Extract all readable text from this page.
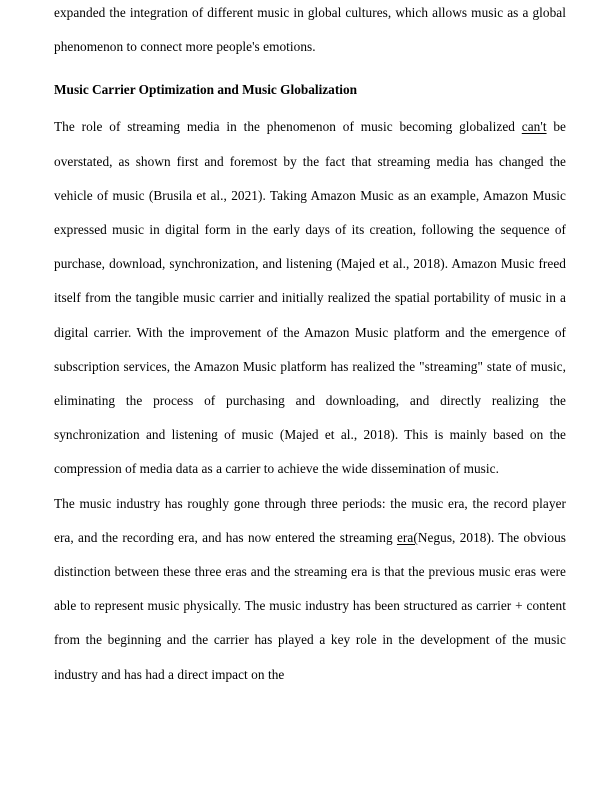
expanded the integration of different music in global cultures, which allows music as a global phenomenon to connect more people's emotions.

Music Carrier Optimization and Music Globalization

The role of streaming media in the phenomenon of music becoming globalized can't be overstated, as shown first and foremost by the fact that streaming media has changed the vehicle of music (Brusila et al., 2021). Taking Amazon Music as an example, Amazon Music expressed music in digital form in the early days of its creation, following the sequence of purchase, download, synchronization, and listening (Majed et al., 2018). Amazon Music freed itself from the tangible music carrier and initially realized the spatial portability of music in a digital carrier. With the improvement of the Amazon Music platform and the emergence of subscription services, the Amazon Music platform has realized the "streaming" state of music, eliminating the process of purchasing and downloading, and directly realizing the synchronization and listening of music (Majed et al., 2018). This is mainly based on the compression of media data as a carrier to achieve the wide dissemination of music.

The music industry has roughly gone through three periods: the music era, the record player era, and the recording era, and has now entered the streaming era(Negus, 2018). The obvious distinction between these three eras and the streaming era is that the previous music eras were able to represent music physically. The music industry has been structured as carrier + content from the beginning and the carrier has played a key role in the development of the music industry and has had a direct impact on the
